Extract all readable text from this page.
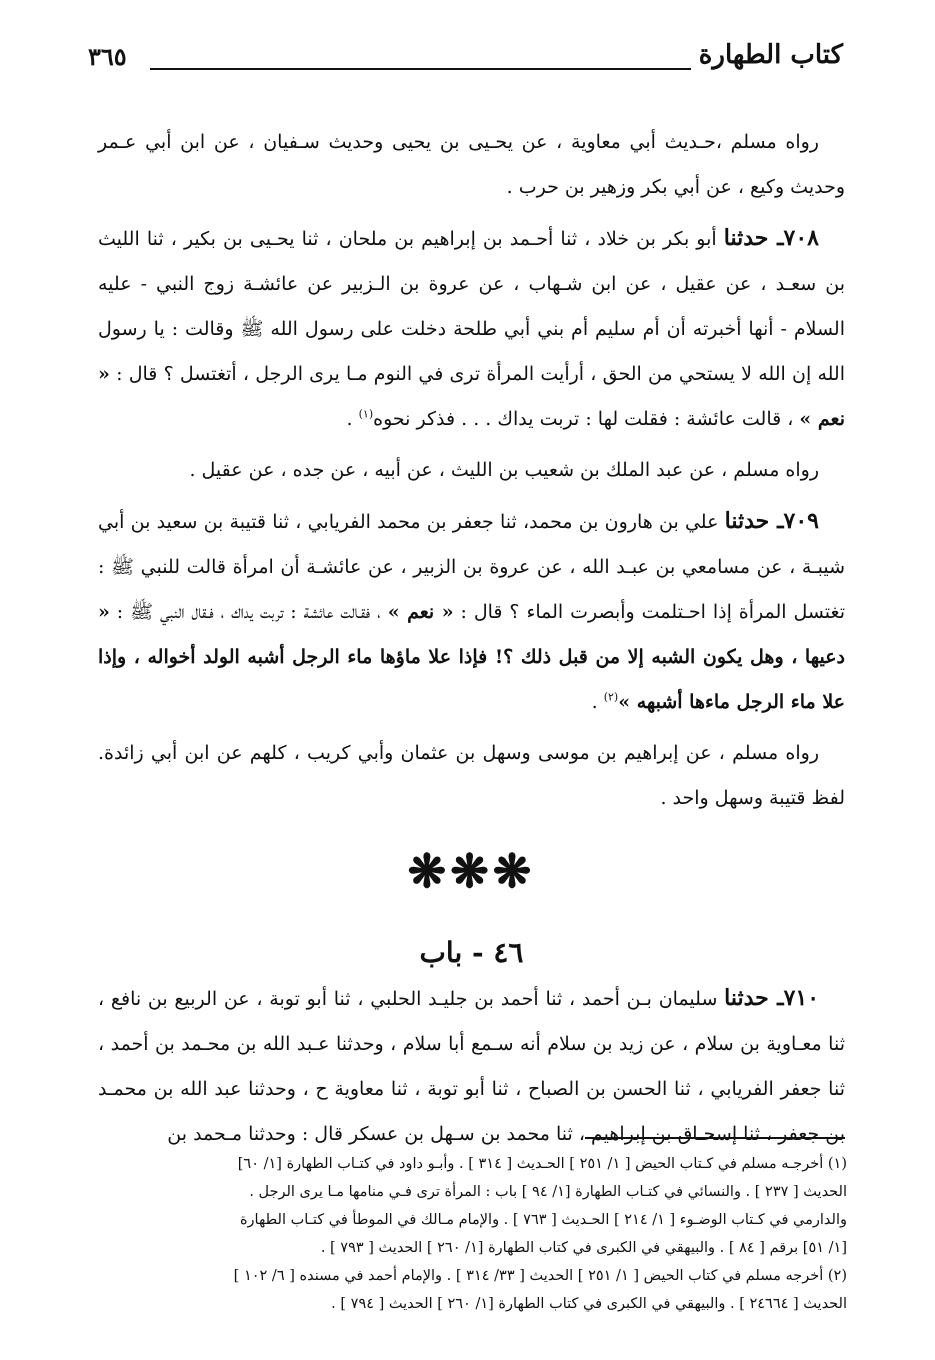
كتاب الطهارة
٣٦٥

رواه مسلم ،حـديث أبي معاوية ، عن يحـيى بن يحيى وحديث سـفيان ، عن ابن أبي عـمر وحديث وكيع ، عن أبي بكر وزهير بن حرب .

٧٠٨ـ حدثنا أبو بكر بن خلاد ، ثنا أحـمد بن إبراهيم بن ملحان ، ثنا يحـيى بن بكير ، ثنا الليث بن سعـد ، عن عقيل ، عن ابن شـهاب ، عن عروة بن الـزبير عن عائشـة زوج النبي - عليه السلام - أنها أخبرته أن أم سليم أم بني أبي طلحة دخلت على رسول الله ﷺ وقالت : يا رسول الله إن الله لا يستحي من الحق ، أرأيت المرأة ترى في النوم مـا يرى الرجل ، أتغتسل ؟ قال : « نعم » ، قالت عائشة : فقلت لها : تربت يداك . . . فذكر نحوه$^{(١)}$ .

رواه مسلم ، عن عبد الملك بن شعيب بن الليث ، عن أبيه ، عن جده ، عن عقيل .

٧٠٩ـ حدثنا علي بن هارون بن محمد، ثنا جعفر بن محمد الفريابي ، ثنا قتيبة بن سعيد بن أبي شيبـة ، عن مسامعي بن عبـد الله ، عن عروة بن الزبير ، عن عائشـة أن امرأة قالت للنبي ﷺ : تغتسل المرأة إذا احـتلمت وأبصرت الماء ؟ قال : « نعم » ، فقـالت عائشة : تربت يداك ، فـقال النبي ﷺ : « دعيها ، وهل يكون الشبه إلا من قبل ذلك ؟! فإذا علا ماؤها ماء الرجل أشبه الولد أخواله ، وإذا علا ماء الرجل ماءها أشبهه »$^{(٢)}$ .

رواه مسلم ، عن إبراهيم بن موسى وسهل بن عثمان وأبي كريب ، كلهم عن ابن أبي زائدة. لفظ قتيبة وسهل واحد .

❋❋❋
٤٦ - باب

٧١٠ـ حدثنا سليمان بـن أحمد ، ثنا أحمد بن جليـد الحلبي ، ثنا أبو توبة ، عن الربيع بن نافع ، ثنا معـاوية بن سلام ، عن زيد بن سلام أنه سـمع أبا سلام ، وحدثنا عـبد الله بن محـمد بن أحمد ، ثنا جعفر الفريابي ، ثنا الحسن بن الصباح ، ثنا أبو توبة ، ثنا معاوية ح ، وحدثنا عبد الله بن محمـد بن جعفر ، ثنا إسحـاق بن إبراهيم ، ثنا محمد بن سـهل بن عسكر قال : وحدثنا مـحمد بن

(١) أخرجـه مسلم في كـتاب الحيض [ ١/ ٢٥١ ] الحـديث [ ٣١٤ ] . وأبـو داود في كتـاب الطهارة [١/ ٦٠]

الحديث [ ٢٣٧ ] . والنسائي في كتـاب الطهارة [١/ ٩٤ ] باب : المرأة ترى فـي منامها مـا يرى الرجل .

والدارمي في كـتاب الوضـوء [ ١/ ٢١٤ ] الحـديث [ ٧٦٣ ] . والإمام مـالك في الموطأ في كتـاب الطهارة

[١/ ٥١] برقم [ ٨٤ ] . والبيهقي في الكبرى في كتاب الطهارة [١/ ٢٦٠ ] الحديث [ ٧٩٣ ] .

(٢) أخرجه مسلم في كتاب الحيض [ ١/ ٢٥١ ] الحديث [ ٣٣/ ٣١٤ ] . والإمام أحمد في مسنده [ ٦/ ١٠٢ ]

الحديث [ ٢٤٦٦٤ ] . والبيهقي في الكبرى في كتاب الطهارة [١/ ٢٦٠ ] الحديث [ ٧٩٤ ] .
